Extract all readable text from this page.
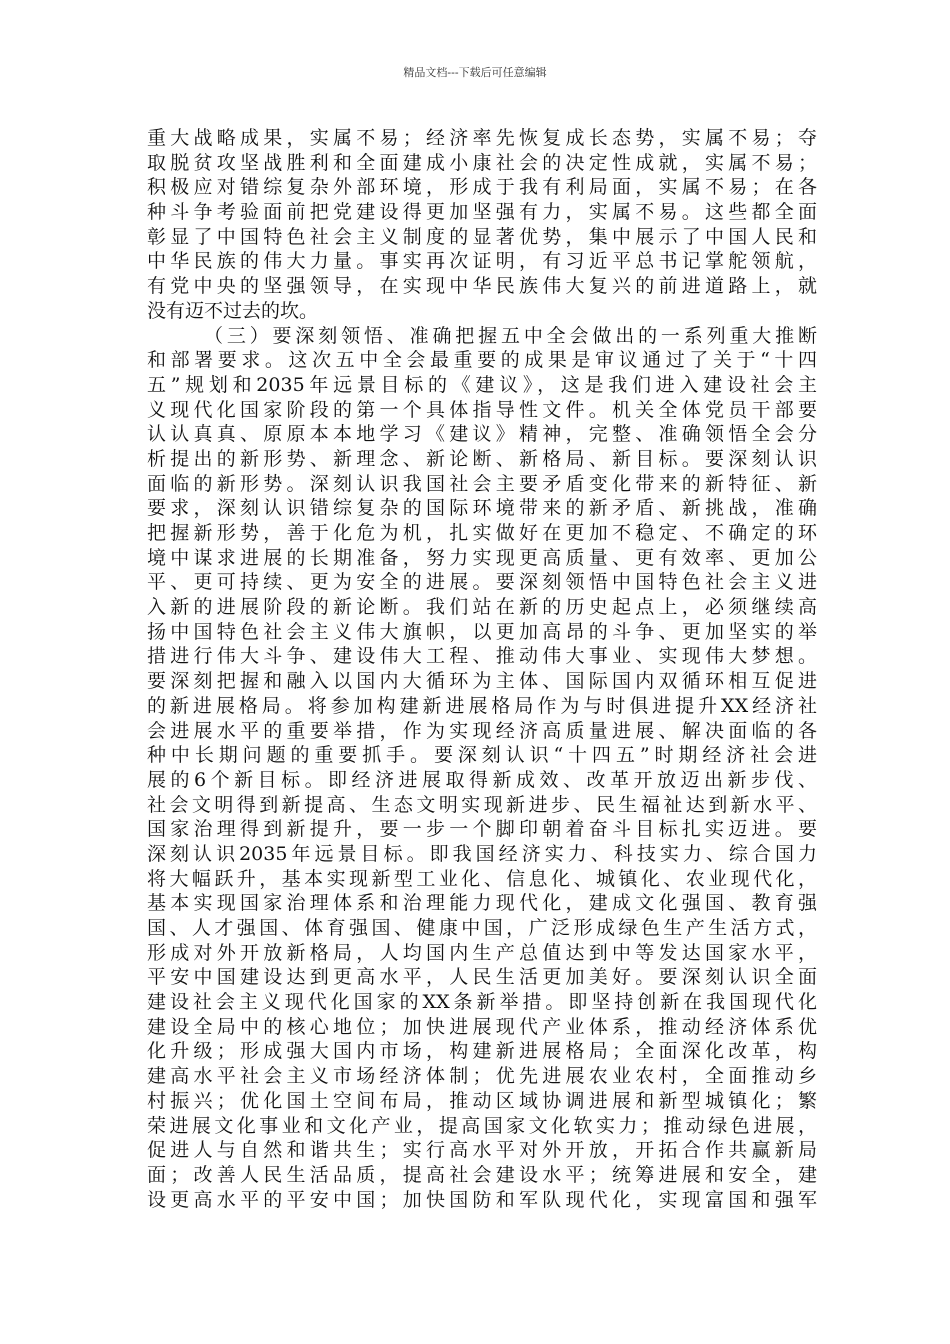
精品文档---下载后可任意编辑
重大战略成果，实属不易；经济率先恢复成长态势，实属不易；夺
取脱贫攻坚战胜利和全面建成小康社会的决定性成就，实属不易；
积极应对错综复杂外部环境，形成于我有利局面，实属不易；在各
种斗争考验面前把党建设得更加坚强有力，实属不易。这些都全面
彰显了中国特色社会主义制度的显著优势，集中展示了中国人民和
中华民族的伟大力量。事实再次证明，有习近平总书记掌舵领航，
有党中央的坚强领导，在实现中华民族伟大复兴的前进道路上，就
没有迈不过去的坎。
（三）要深刻领悟、准确把握五中全会做出的一系列重大推断
和部署要求。这次五中全会最重要的成果是审议通过了关于“十四
五”规划和2035年远景目标的《建议》，这是我们进入建设社会主
义现代化国家阶段的第一个具体指导性文件。机关全体党员干部要
认认真真、原原本本地学习《建议》精神，完整、准确领悟全会分
析提出的新形势、新理念、新论断、新格局、新目标。要深刻认识
面临的新形势。深刻认识我国社会主要矛盾变化带来的新特征、新
要求，深刻认识错综复杂的国际环境带来的新矛盾、新挑战，准确
把握新形势，善于化危为机，扎实做好在更加不稳定、不确定的环
境中谋求进展的长期准备，努力实现更高质量、更有效率、更加公
平、更可持续、更为安全的进展。要深刻领悟中国特色社会主义进
入新的进展阶段的新论断。我们站在新的历史起点上，必须继续高
扬中国特色社会主义伟大旗帜，以更加高昂的斗争、更加坚实的举
措进行伟大斗争、建设伟大工程、推动伟大事业、实现伟大梦想。
要深刻把握和融入以国内大循环为主体、国际国内双循环相互促进
的新进展格局。将参加构建新进展格局作为与时俱进提升XX经济社
会进展水平的重要举措，作为实现经济高质量进展、解决面临的各
种中长期问题的重要抓手。要深刻认识“十四五”时期经济社会进
展的6个新目标。即经济进展取得新成效、改革开放迈出新步伐、
社会文明得到新提高、生态文明实现新进步、民生福祉达到新水平、
国家治理得到新提升，要一步一个脚印朝着奋斗目标扎实迈进。要
深刻认识2035年远景目标。即我国经济实力、科技实力、综合国力
将大幅跃升，基本实现新型工业化、信息化、城镇化、农业现代化，
基本实现国家治理体系和治理能力现代化，建成文化强国、教育强
国、人才强国、体育强国、健康中国，广泛形成绿色生产生活方式，
形成对外开放新格局，人均国内生产总值达到中等发达国家水平，
平安中国建设达到更高水平，人民生活更加美好。要深刻认识全面
建设社会主义现代化国家的XX条新举措。即坚持创新在我国现代化
建设全局中的核心地位；加快进展现代产业体系，推动经济体系优
化升级；形成强大国内市场，构建新进展格局；全面深化改革，构
建高水平社会主义市场经济体制；优先进展农业农村，全面推动乡
村振兴；优化国土空间布局，推动区域协调进展和新型城镇化；繁
荣进展文化事业和文化产业，提高国家文化软实力；推动绿色进展，
促进人与自然和谐共生；实行高水平对外开放，开拓合作共赢新局
面；改善人民生活品质，提高社会建设水平；统筹进展和安全，建
设更高水平的平安中国；加快国防和军队现代化，实现富国和强军
